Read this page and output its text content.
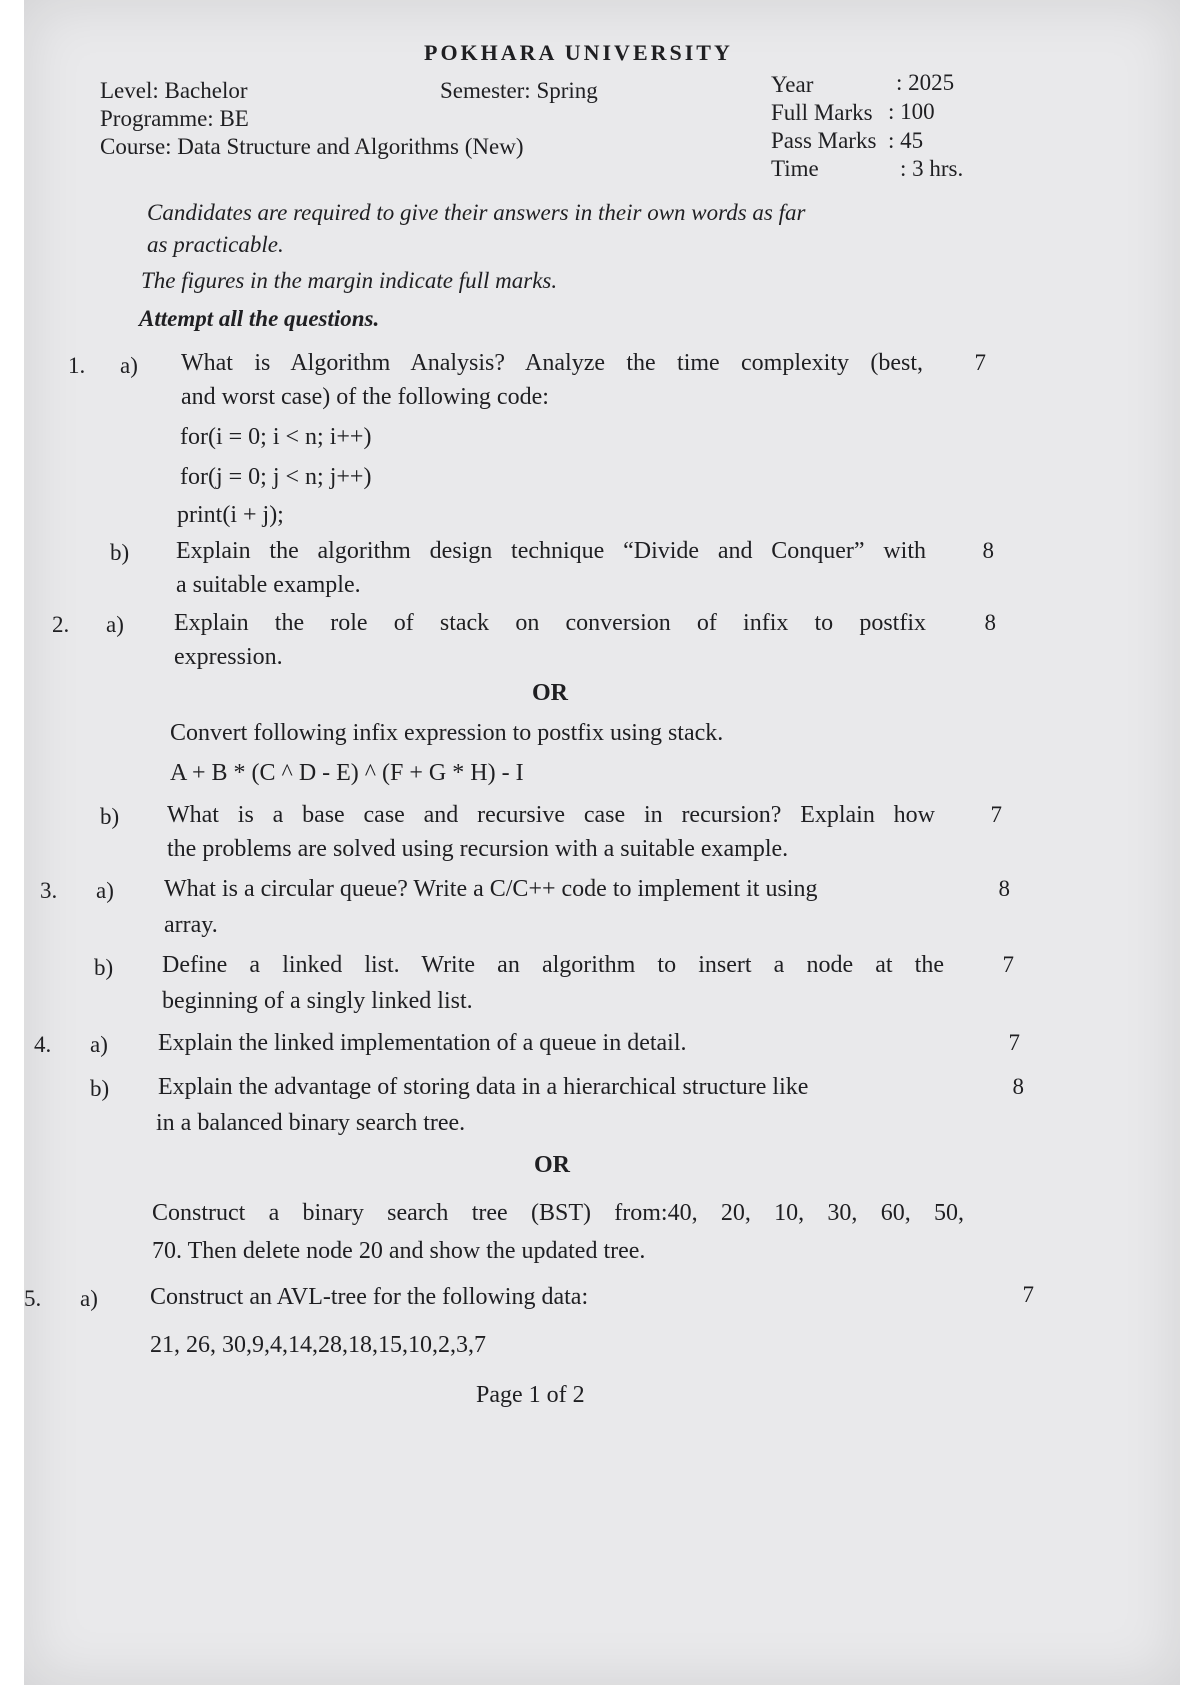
POKHARA UNIVERSITY
Level: Bachelor
Programme: BE
Course: Data Structure and Algorithms (New)
Semester: Spring	Year	: 2025
Full Marks : 100
Pass Marks : 45
Time	: 3 hrs.
Candidates are required to give their answers in their own words as far
as practicable.
The figures in the margin indicate full marks.
Attempt all the questions.
1. a) What is Algorithm Analysis? Analyze the time complexity (best,
and worst case) of the following code:
for(i = 0; i < n; i++)
for(j = 0; j < n; j++)
print(i + j);
7
b) Explain the algorithm design technique “Divide and Conquer” with
a suitable example.
8
2. a) Explain the role of stack on conversion of infix to postfix
expression.
8
OR
Convert following infix expression to postfix using stack.
A + B * (C ^ D - E) ^ (F + G * H) - I
b) What is a base case and recursive case in recursion? Explain how
the problems are solved using recursion with a suitable example.
7
3. a) What is a circular queue? Write a C/C++ code to implement it using
array.
8
b) Define a linked list. Write an algorithm to insert a node at the
beginning of a singly linked list.
7
4. a) Explain the linked implementation of a queue in detail.	7
b) Explain the advantage of storing data in a hierarchical structure like
in a balanced binary search tree.
8
OR
Construct a binary search tree (BST) from:40, 20, 10, 30, 60, 50,
70. Then delete node 20 and show the updated tree.
5. a) Construct an AVL-tree for the following data:
21, 26, 30,9,4,14,28,18,15,10,2,3,7
7
Page 1 of 2
